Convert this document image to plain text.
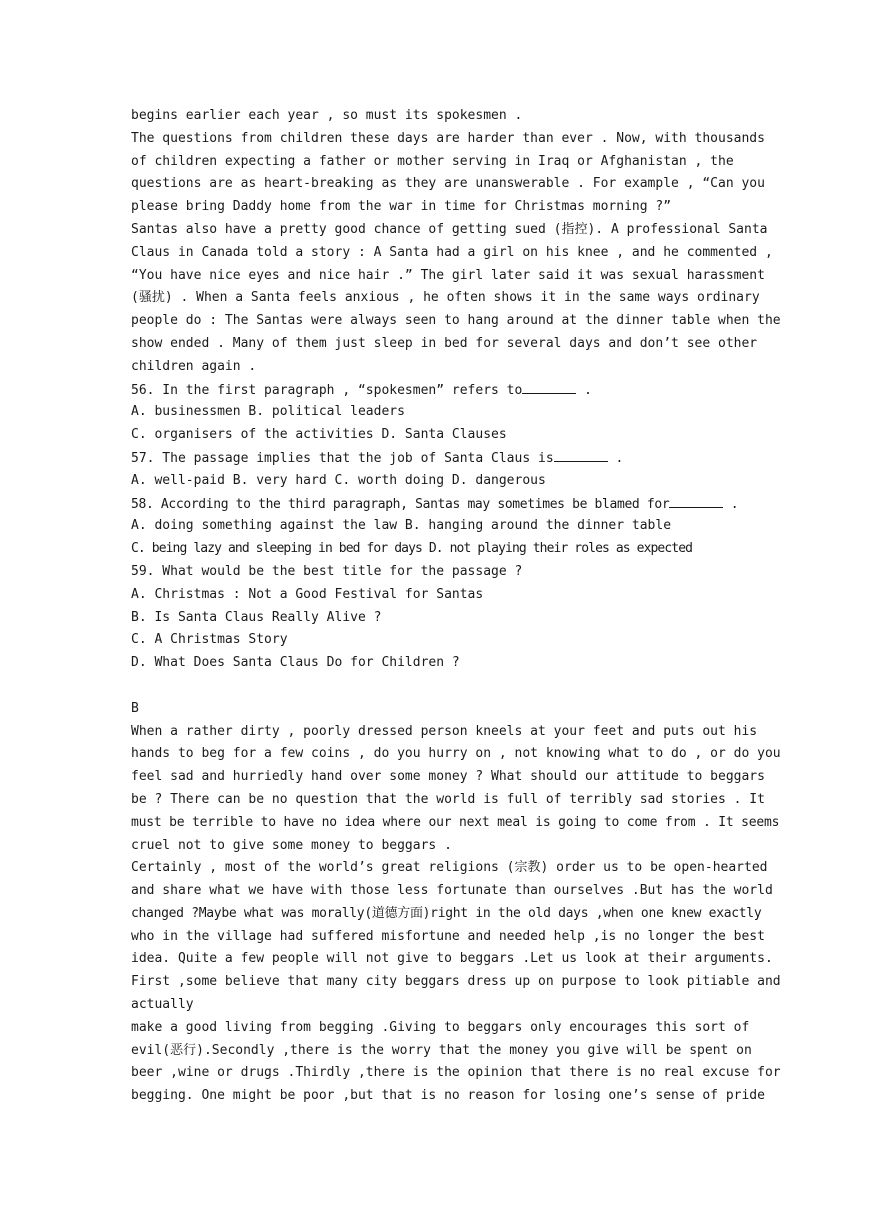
begins earlier each year , so must its spokesmen .
The questions from children these days are harder than ever . Now, with thousands
of children expecting a father or mother serving in Iraq or Afghanistan , the
questions are as heart-breaking as they are unanswerable . For example , “Can you
please bring Daddy home from the war in time for Christmas morning ?”
Santas also have a pretty good chance of getting sued (指控). A professional Santa
Claus in Canada told a story : A Santa had a girl on his knee , and he commented ,
“You have nice eyes and nice hair .” The girl later said it was sexual harassment
(骚扰) . When a Santa feels anxious , he often shows it in the same ways ordinary
people do : The Santas were always seen to hang around at the dinner table when the
show ended . Many of them just sleep in bed for several days and don’t see other
children again .
56. In the first paragraph , “spokesmen” refers to	.
A. businessmen B. political leaders
C. organisers of the activities D. Santa Clauses
57. The passage implies that the job of Santa Claus is	.
A. well-paid B. very hard C. worth doing D. dangerous
58. According to the third paragraph, Santas may sometimes be blamed for	.
A. doing something against the law B. hanging around the dinner table
C. being lazy and sleeping in bed for days D. not playing their roles as expected
59. What would be the best title for the passage ?
A. Christmas : Not a Good Festival for Santas
B. Is Santa Claus Really Alive ?
C. A Christmas Story
D. What Does Santa Claus Do for Children ?
B
When a rather dirty , poorly dressed person kneels at your feet and puts out his
hands to beg for a few coins , do you hurry on , not knowing what to do , or do you
feel sad and hurriedly hand over some money ? What should our attitude to beggars
be ? There can be no question that the world is full of terribly sad stories . It
must be terrible to have no idea where our next meal is going to come from . It seems
cruel not to give some money to beggars .
Certainly , most of the world’s great religions (宗教) order us to be open-hearted
and share what we have with those less fortunate than ourselves .But has the world
changed ?Maybe what was morally(道德方面)right in the old days ,when one knew exactly
who in the village had suffered misfortune and needed help ,is no longer the best
idea. Quite a few people will not give to beggars .Let us look at their arguments.
First ,some believe that many city beggars dress up on purpose to look pitiable and
actually
make a good living from begging .Giving to beggars only encourages this sort of
evil(恶行).Secondly ,there is the worry that the money you give will be spent on
beer ,wine or drugs .Thirdly ,there is the opinion that there is no real excuse for
begging. One might be poor ,but that is no reason for losing one’s sense of pride
